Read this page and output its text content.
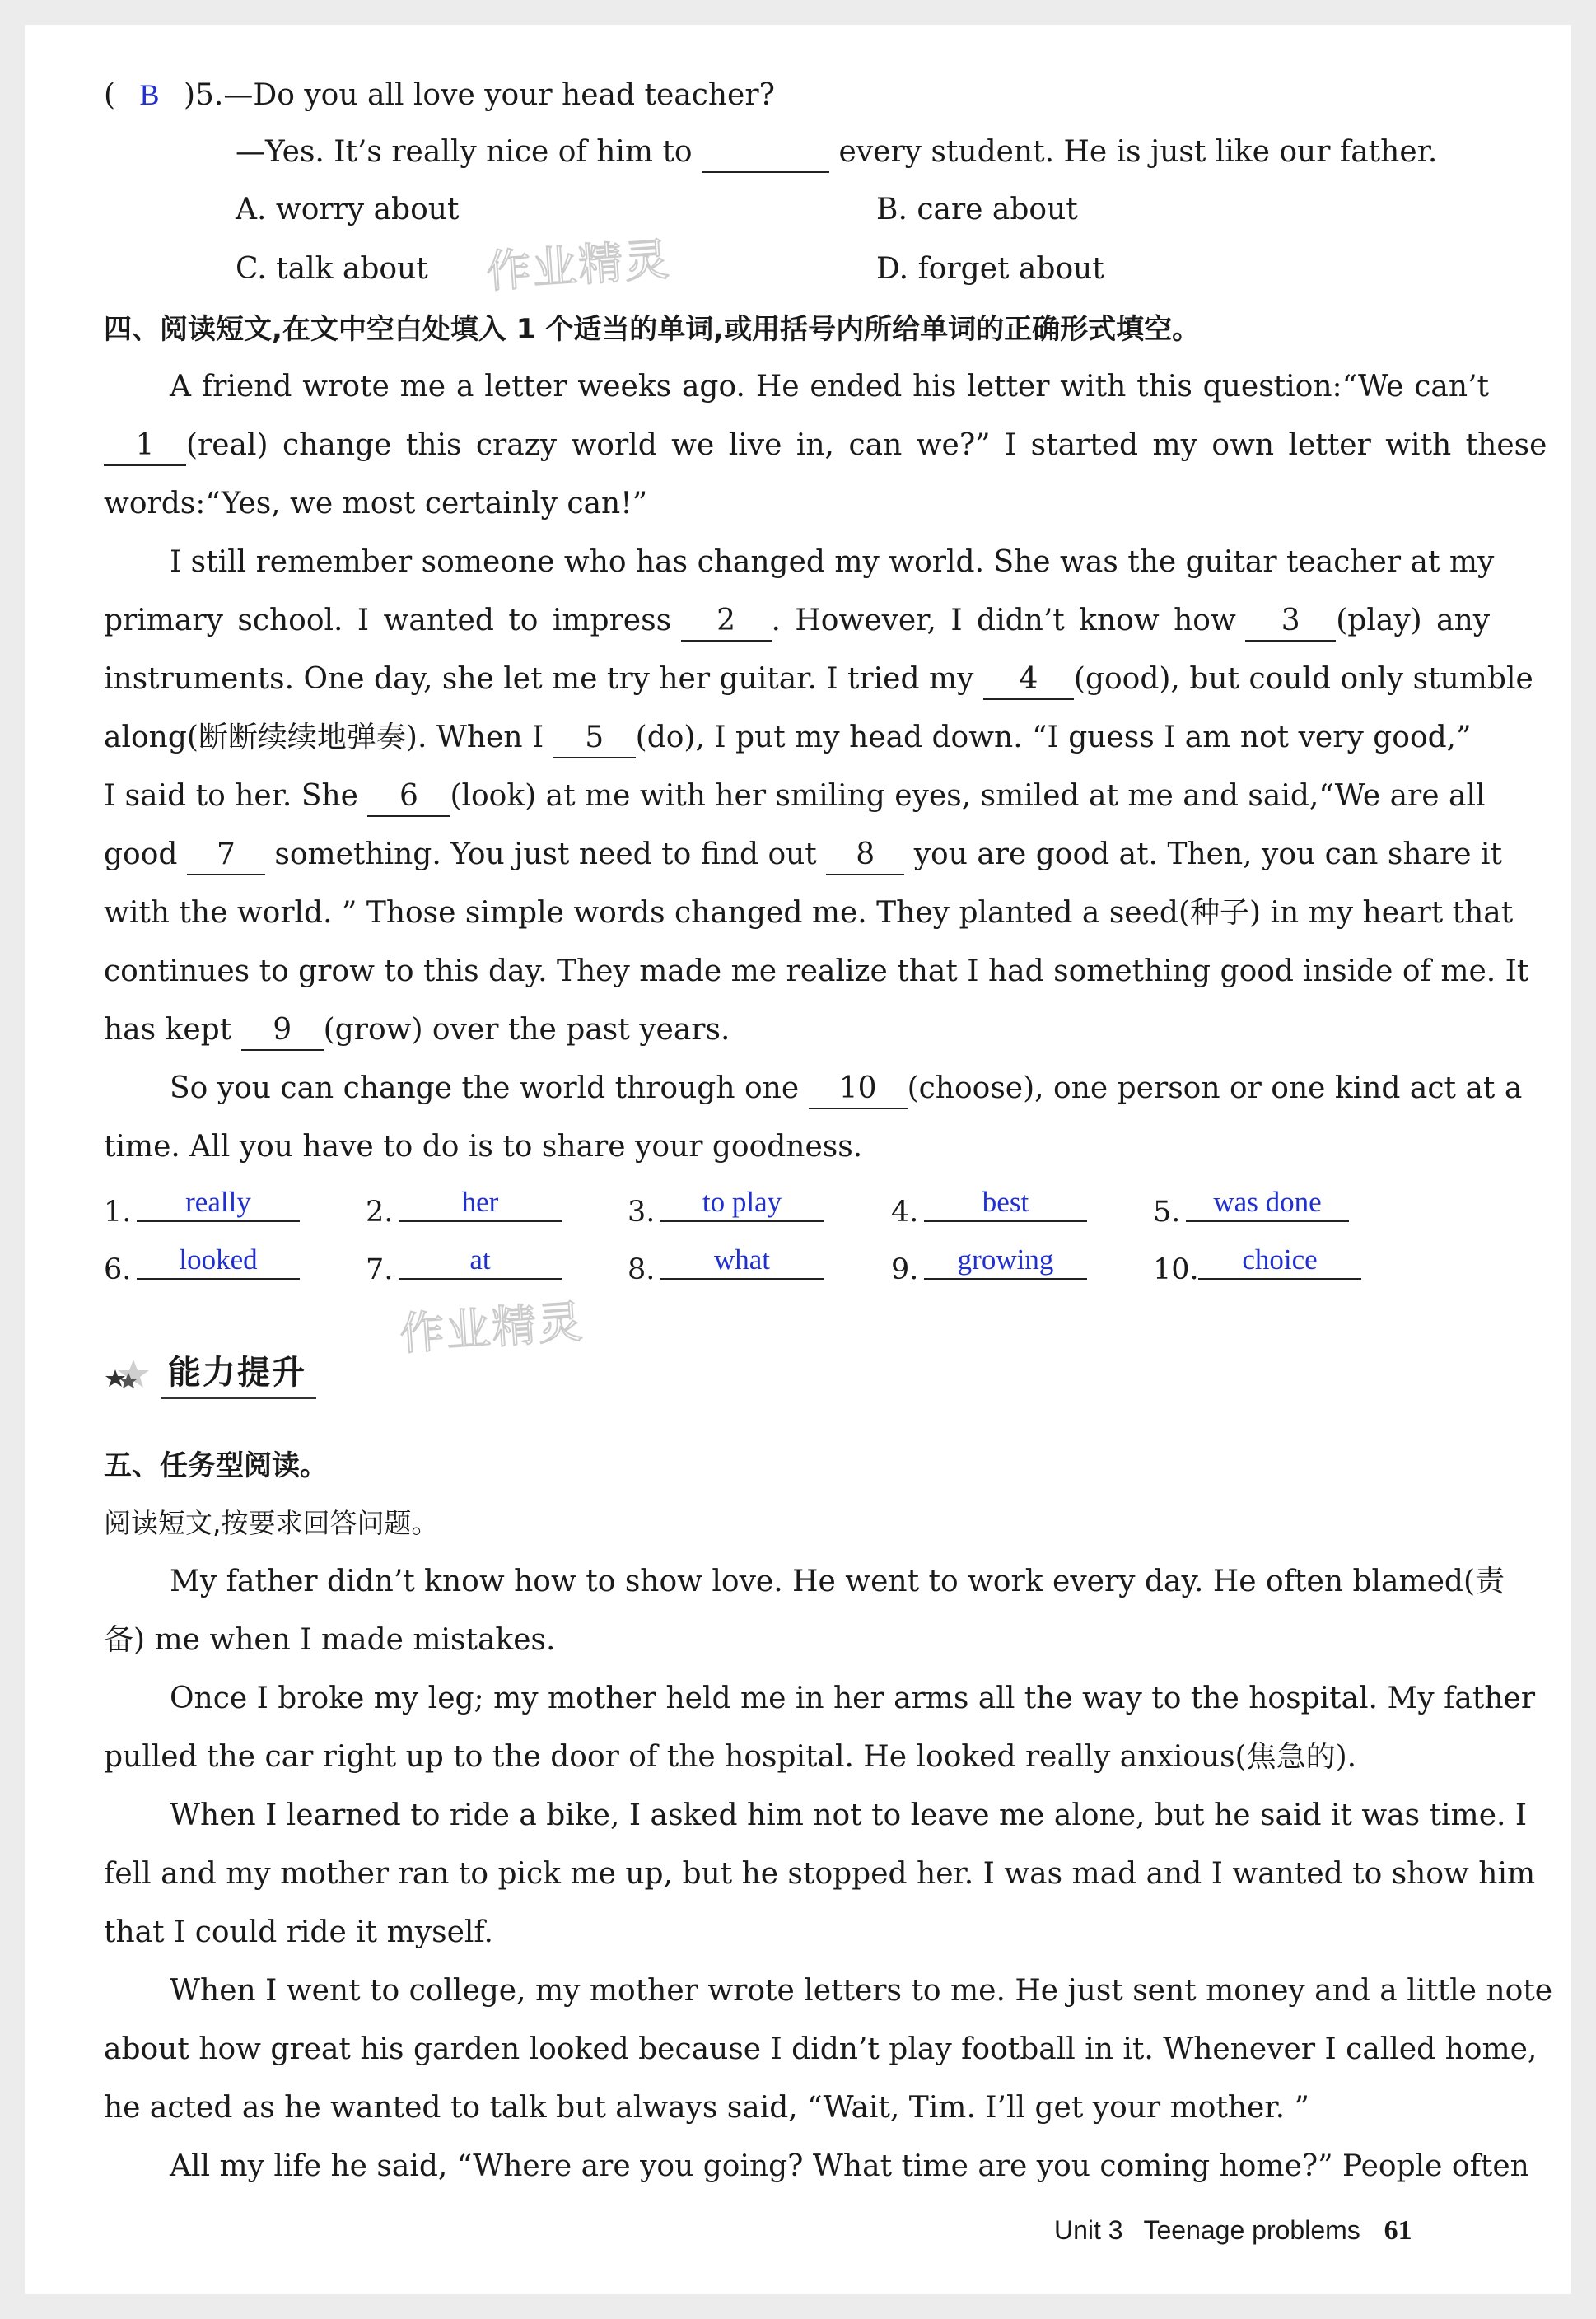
( B )5.—Do you all love your head teacher?
—Yes. It’s really nice of him to	every student. He is just like our father.
A. worry about	B. care about
C. talk about	D. forget about
四、阅读短文,在文中空白处填入 1 个适当的单词,或用括号内所给单词的正确形式填空。
A friend wrote me a letter weeks ago. He ended his letter with this question:“We can’t
1 (real) change this crazy world we live in, can we?” I started my own letter with these
words:“Yes, we most certainly can!”
I still remember someone who has changed my world. She was the guitar teacher at my
primary school. I wanted to impress 2 . However, I didn’t know how 3 (play) any
instruments. One day, she let me try her guitar. I tried my 4 (good), but could only stumble
along(断断续续地弹奏). When I 5 (do), I put my head down. “I guess I am not very good,”
I said to her. She 6 (look) at me with her smiling eyes, smiled at me and said,“We are all
good 7 something. You just need to find out 8 you are good at. Then, you can share it
with the world. ” Those simple words changed me. They planted a seed(种子) in my heart that
continues to grow to this day. They made me realize that I had something good inside of me. It
has kept 9 (grow) over the past years.
So you can change the world through one 10 (choose), one person or one kind act at a
time. All you have to do is to share your goodness.
1. really	2. her	3. to play	4. best	5. was done
6. looked	7.	at	8. what	9. growing	10. choice
能力提升
五、任务型阅读。
阅读短文,按要求回答问题。
My father didn’t know how to show love. He went to work every day. He often blamed(责
备) me when I made mistakes.
Once I broke my leg; my mother held me in her arms all the way to the hospital. My father
pulled the car right up to the door of the hospital. He looked really anxious(焦急的).
When I learned to ride a bike, I asked him not to leave me alone, but he said it was time. I
fell and my mother ran to pick me up, but he stopped her. I was mad and I wanted to show him
that I could ride it myself.
When I went to college, my mother wrote letters to me. He just sent money and a little note
about how great his garden looked because I didn’t play football in it. Whenever I called home,
he acted as he wanted to talk but always said, “Wait, Tim. I’ll get your mother. ”
All my life he said, “Where are you going? What time are you coming home?” People often
作业精灵
作业精灵
Unit 3 Teenage problems 61
